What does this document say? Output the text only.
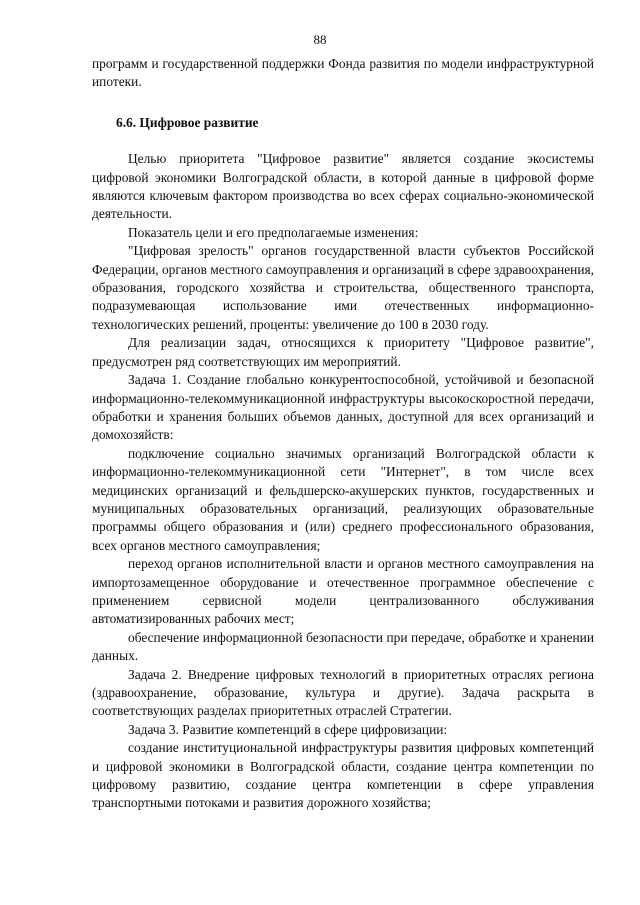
88

программ и государственной поддержки Фонда развития по модели инфраструктурной ипотеки.

6.6. Цифровое развитие

Целью приоритета "Цифровое развитие" является создание экосистемы цифровой экономики Волгоградской области, в которой данные в цифровой форме являются ключевым фактором производства во всех сферах социально-экономической деятельности.

Показатель цели и его предполагаемые изменения:

"Цифровая зрелость" органов государственной власти субъектов Российской Федерации, органов местного самоуправления и организаций в сфере здравоохранения, образования, городского хозяйства и строительства, общественного транспорта, подразумевающая использование ими отечественных информационно-технологических решений, проценты: увеличение до 100 в 2030 году.

Для реализации задач, относящихся к приоритету "Цифровое развитие", предусмотрен ряд соответствующих им мероприятий.

Задача 1. Создание глобально конкурентоспособной, устойчивой и безопасной информационно-телекоммуникационной инфраструктуры высокоскоростной передачи, обработки и хранения больших объемов данных, доступной для всех организаций и домохозяйств:

подключение социально значимых организаций Волгоградской области к информационно-телекоммуникационной сети "Интернет", в том числе всех медицинских организаций и фельдшерско-акушерских пунктов, государственных и муниципальных образовательных организаций, реализующих образовательные программы общего образования и (или) среднего профессионального образования, всех органов местного самоуправления;

переход органов исполнительной власти и органов местного самоуправления на импортозамещенное оборудование и отечественное программное обеспечение с применением сервисной модели централизованного обслуживания автоматизированных рабочих мест;

обеспечение информационной безопасности при передаче, обработке и хранении данных.

Задача 2. Внедрение цифровых технологий в приоритетных отраслях региона (здравоохранение, образование, культура и другие). Задача раскрыта в соответствующих разделах приоритетных отраслей Стратегии.

Задача 3. Развитие компетенций в сфере цифровизации:

создание институциональной инфраструктуры развития цифровых компетенций и цифровой экономики в Волгоградской области, создание центра компетенции по цифровому развитию, создание центра компетенции в сфере управления транспортными потоками и развития дорожного хозяйства;
